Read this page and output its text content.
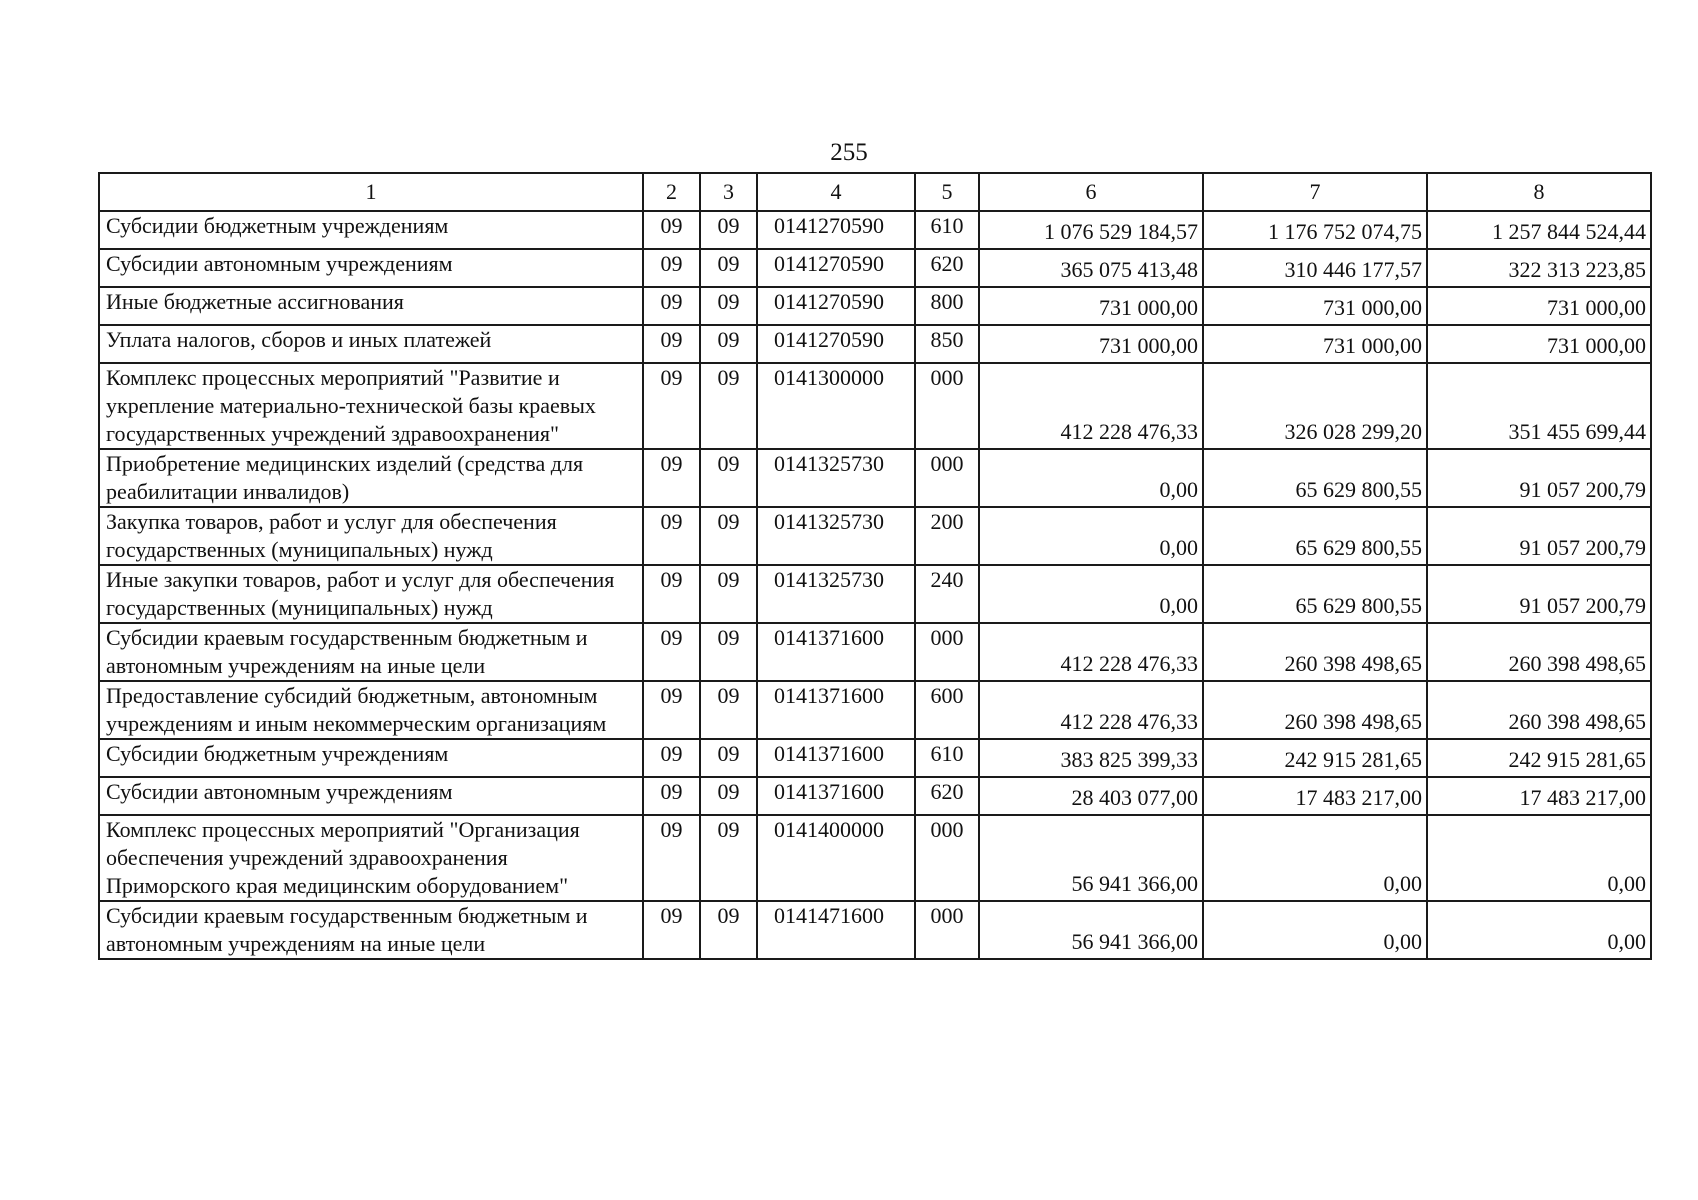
255
1	2	3	4	5	6	7	8
Субсидии бюджетным учреждениям	09	09	0141270590	610	1 076 529 184,57	1 176 752 074,75	1 257 844 524,44
Субсидии автономным учреждениям	09	09	0141270590	620	365 075 413,48	310 446 177,57	322 313 223,85
Иные бюджетные ассигнования	09	09	0141270590	800	731 000,00	731 000,00	731 000,00
Уплата налогов, сборов и иных платежей	09	09	0141270590	850	731 000,00	731 000,00	731 000,00
Комплекс процессных мероприятий "Развитие и укрепление материально-технической базы краевых государственных учреждений здравоохранения"	09	09	0141300000	000	412 228 476,33	326 028 299,20	351 455 699,44
Приобретение медицинских изделий (средства для реабилитации инвалидов)	09	09	0141325730	000	0,00	65 629 800,55	91 057 200,79
Закупка товаров, работ и услуг для обеспечения государственных (муниципальных) нужд	09	09	0141325730	200	0,00	65 629 800,55	91 057 200,79
Иные закупки товаров, работ и услуг для обеспечения государственных (муниципальных) нужд	09	09	0141325730	240	0,00	65 629 800,55	91 057 200,79
Субсидии краевым государственным бюджетным и автономным учреждениям на иные цели	09	09	0141371600	000	412 228 476,33	260 398 498,65	260 398 498,65
Предоставление субсидий бюджетным, автономным учреждениям и иным некоммерческим организациям	09	09	0141371600	600	412 228 476,33	260 398 498,65	260 398 498,65
Субсидии бюджетным учреждениям	09	09	0141371600	610	383 825 399,33	242 915 281,65	242 915 281,65
Субсидии автономным учреждениям	09	09	0141371600	620	28 403 077,00	17 483 217,00	17 483 217,00
Комплекс процессных мероприятий "Организация обеспечения учреждений здравоохранения Приморского края медицинским оборудованием"	09	09	0141400000	000	56 941 366,00	0,00	0,00
Субсидии краевым государственным бюджетным и автономным учреждениям на иные цели	09	09	0141471600	000	56 941 366,00	0,00	0,00
